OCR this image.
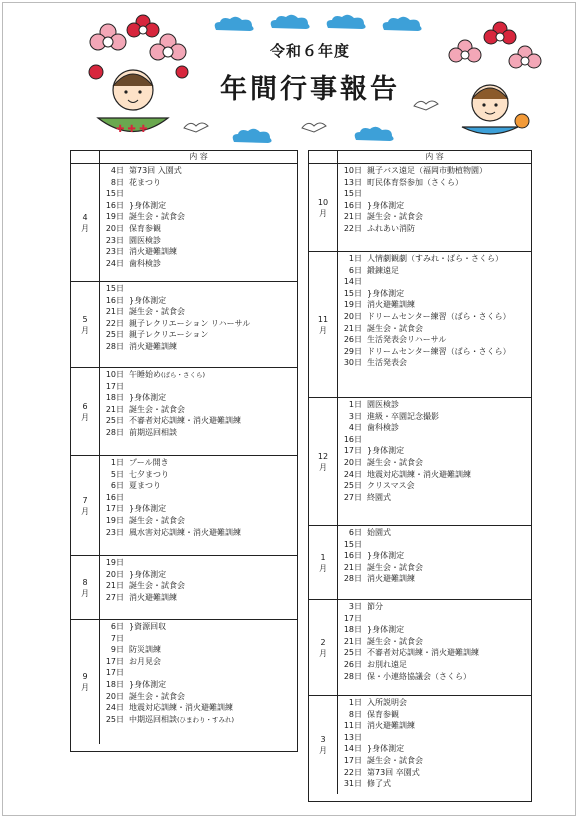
✚ ✚ ✚
令和６年度
年間行事報告
内 容
4
月
4日 第73回 入園式
8日 花まつり
15日
16日 }身体測定
19日 誕生会・試食会
20日 保育参観
23日 園医検診
23日 消火避難訓練
24日 歯科検診
5
月
15日
16日 }身体測定
21日 誕生会・試食会
22日 親子レクリエーション リハーサル
25日 親子レクリエーション
28日 消火避難訓練
6
月
10日 午睡始め(ばら・さくら)
17日
18日 }身体測定
21日 誕生会・試食会
25日 不審者対応訓練・消火避難訓練
28日 前期巡回相談
7
月
1日 プール開き
5日 七夕まつり
6日 夏まつり
16日
17日 }身体測定
19日 誕生会・試食会
23日 風水害対応訓練・消火避難訓練
8
月
19日
20日 }身体測定
21日 誕生会・試食会
27日 消火避難訓練
9
月
6日 }資源回収
7日
9日 防災訓練
17日 お月見会
17日
18日 }身体測定
20日 誕生会・試食会
24日 地震対応訓練・消火避難訓練
25日 中期巡回相談(ひまわり・すみれ)
内 容
10
月
10日 親子バス遠足（福岡市動植物園）
13日 町民体育祭参加（さくら）
15日
16日 }身体測定
21日 誕生会・試食会
22日 ふれあい消防
11
月
1日 人情劇観劇（すみれ・ばら・さくら）
6日 鍛錬遠足
14日
15日 }身体測定
19日 消火避難訓練
20日 ドリームセンター練習（ばら・さくら）
21日 誕生会・試食会
26日 生活発表会リハーサル
29日 ドリームセンター練習（ばら・さくら）
30日 生活発表会
12
月
1日 園医検診
3日 進級・卒園記念撮影
4日 歯科検診
16日
17日 }身体測定
20日 誕生会・試食会
24日 地震対応訓練・消火避難訓練
25日 クリスマス会
27日 終園式
1
月
6日 始園式
15日
16日 }身体測定
21日 誕生会・試食会
28日 消火避難訓練
2
月
3日 節分
17日
18日 }身体測定
21日 誕生会・試食会
25日 不審者対応訓練・消火避難訓練
26日 お別れ遠足
28日 保・小連絡協議会（さくら）
3
月
1日 入所説明会
8日 保育参観
11日 消火避難訓練
13日
14日 }身体測定
17日 誕生会・試食会
22日 第73回 卒園式
31日 修了式
